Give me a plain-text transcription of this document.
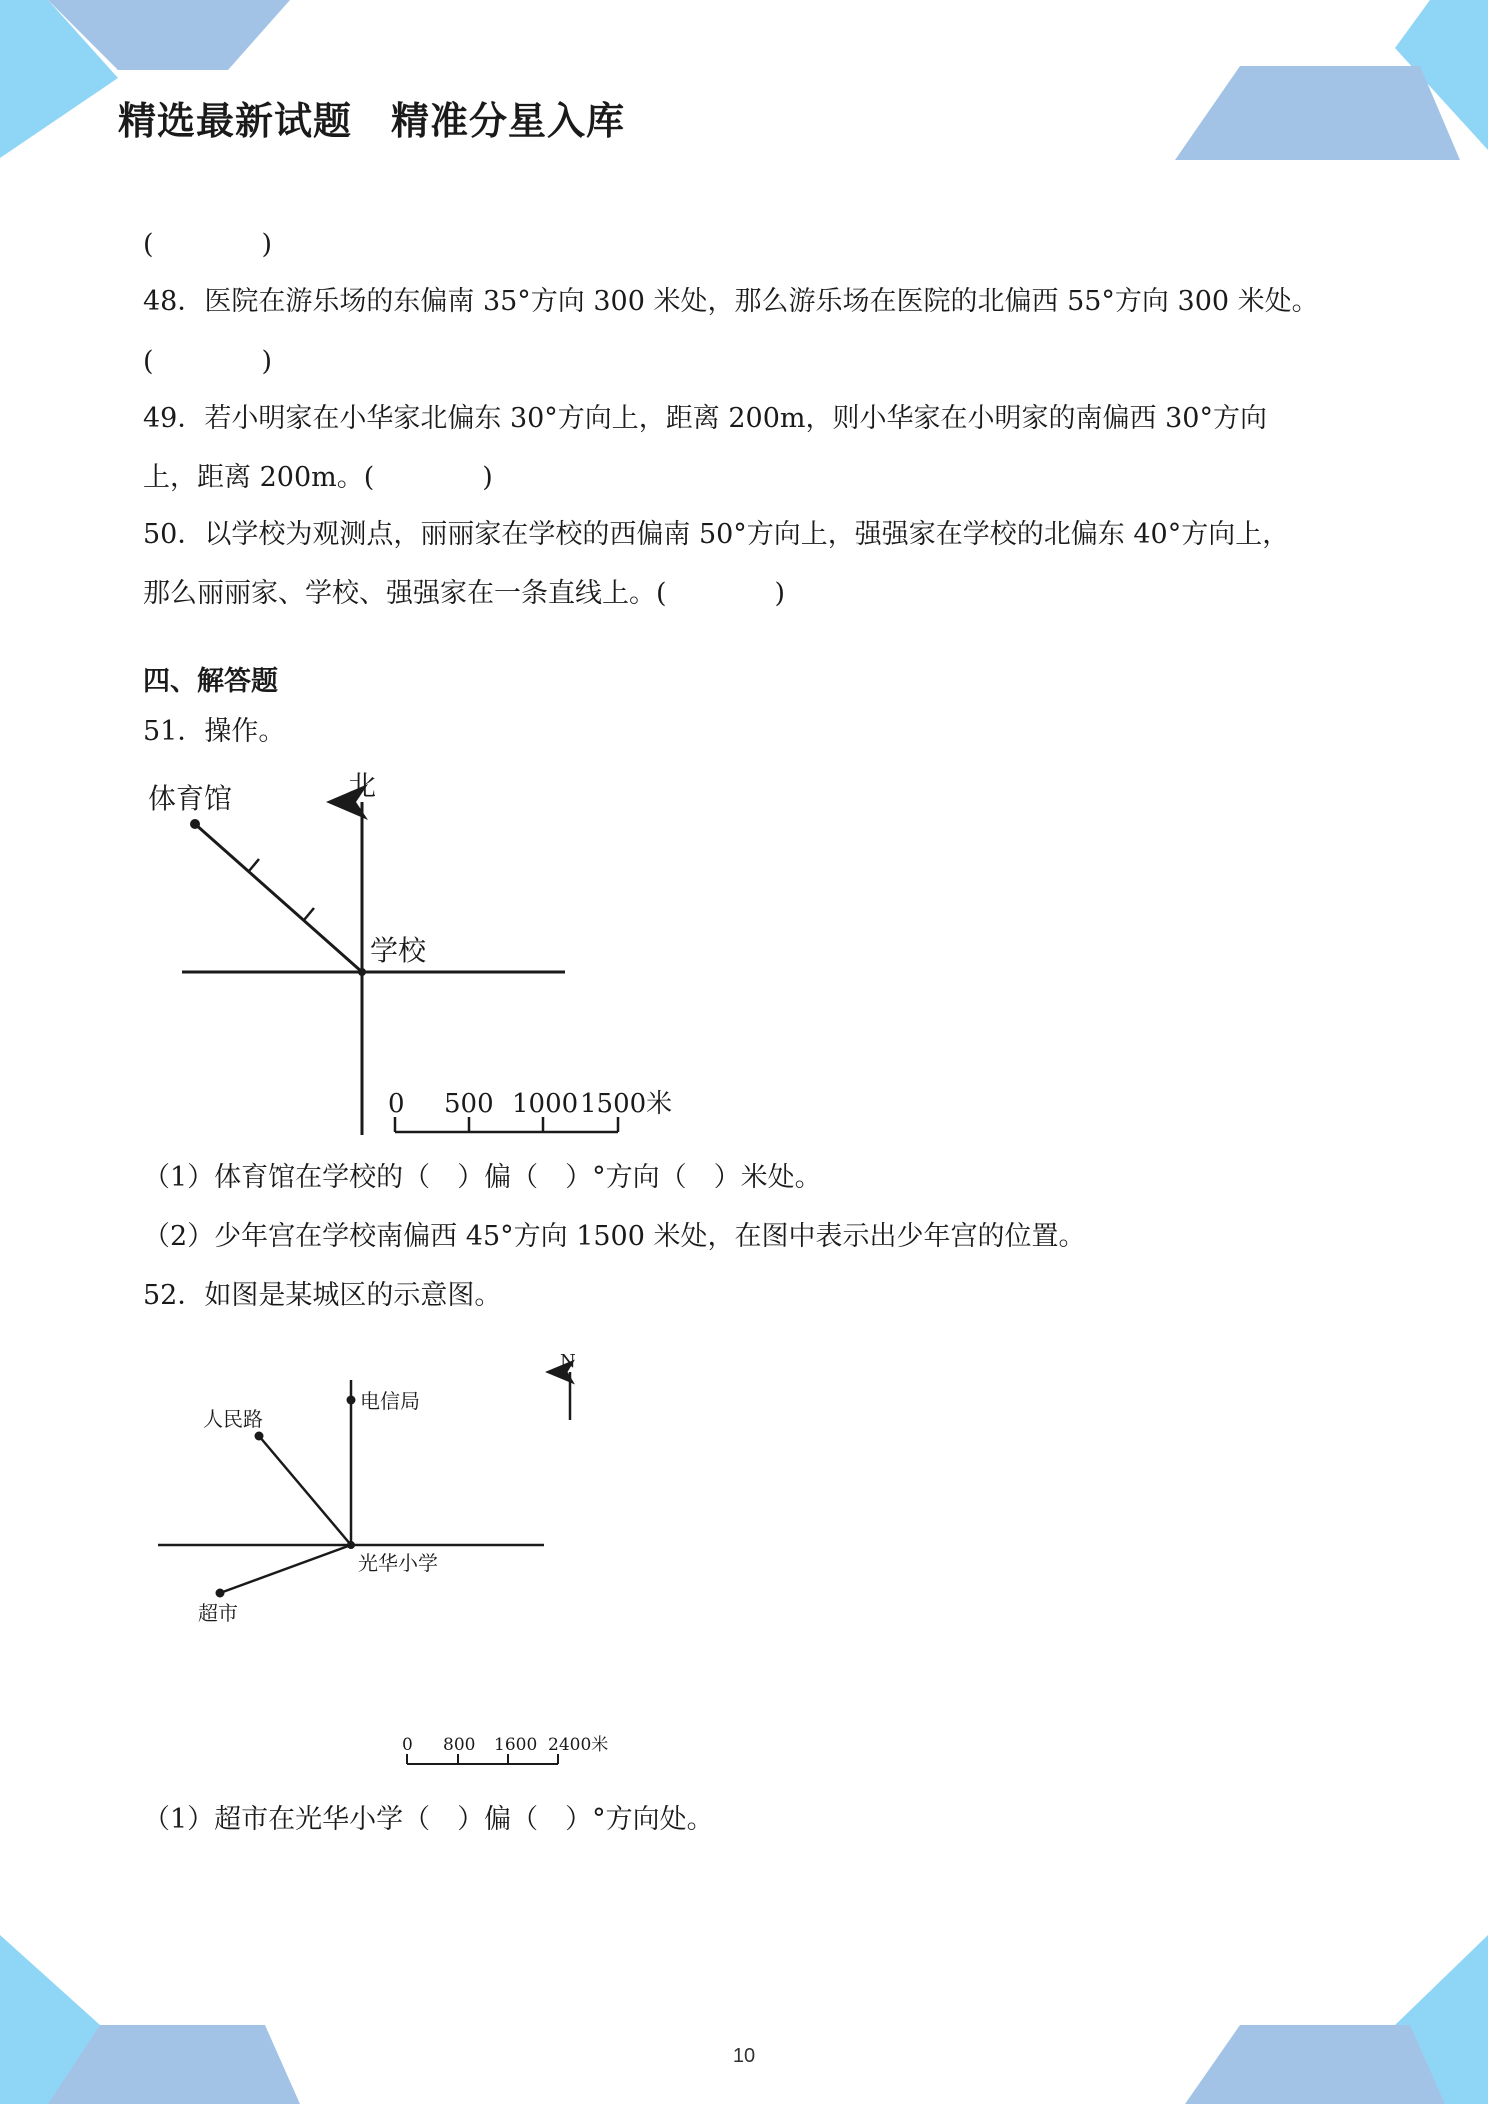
精选最新试题　精准分星入库

(　　　　)

48．医院在游乐场的东偏南 35°方向 300 米处，那么游乐场在医院的北偏西 55°方向 300 米处。

(　　　　)

49．若小明家在小华家北偏东 30°方向上，距离 200m，则小华家在小明家的南偏西 30°方向

上，距离 200m。(　　　　)

50．以学校为观测点，丽丽家在学校的西偏南 50°方向上，强强家在学校的北偏东 40°方向上，

那么丽丽家、学校、强强家在一条直线上。(　　　　)

四、解答题

51．操作。

北
学校
体育馆
0 500 1000 1500米

（1）体育馆在学校的（　）偏（　）°方向（　）米处。

（2）少年宫在学校南偏西 45°方向 1500 米处，在图中表示出少年宫的位置。

52．如图是某城区的示意图。

电信局
人民路
超市
光华小学
N
0 800 1600 2400米

（1）超市在光华小学（　）偏（　）°方向处。

10
